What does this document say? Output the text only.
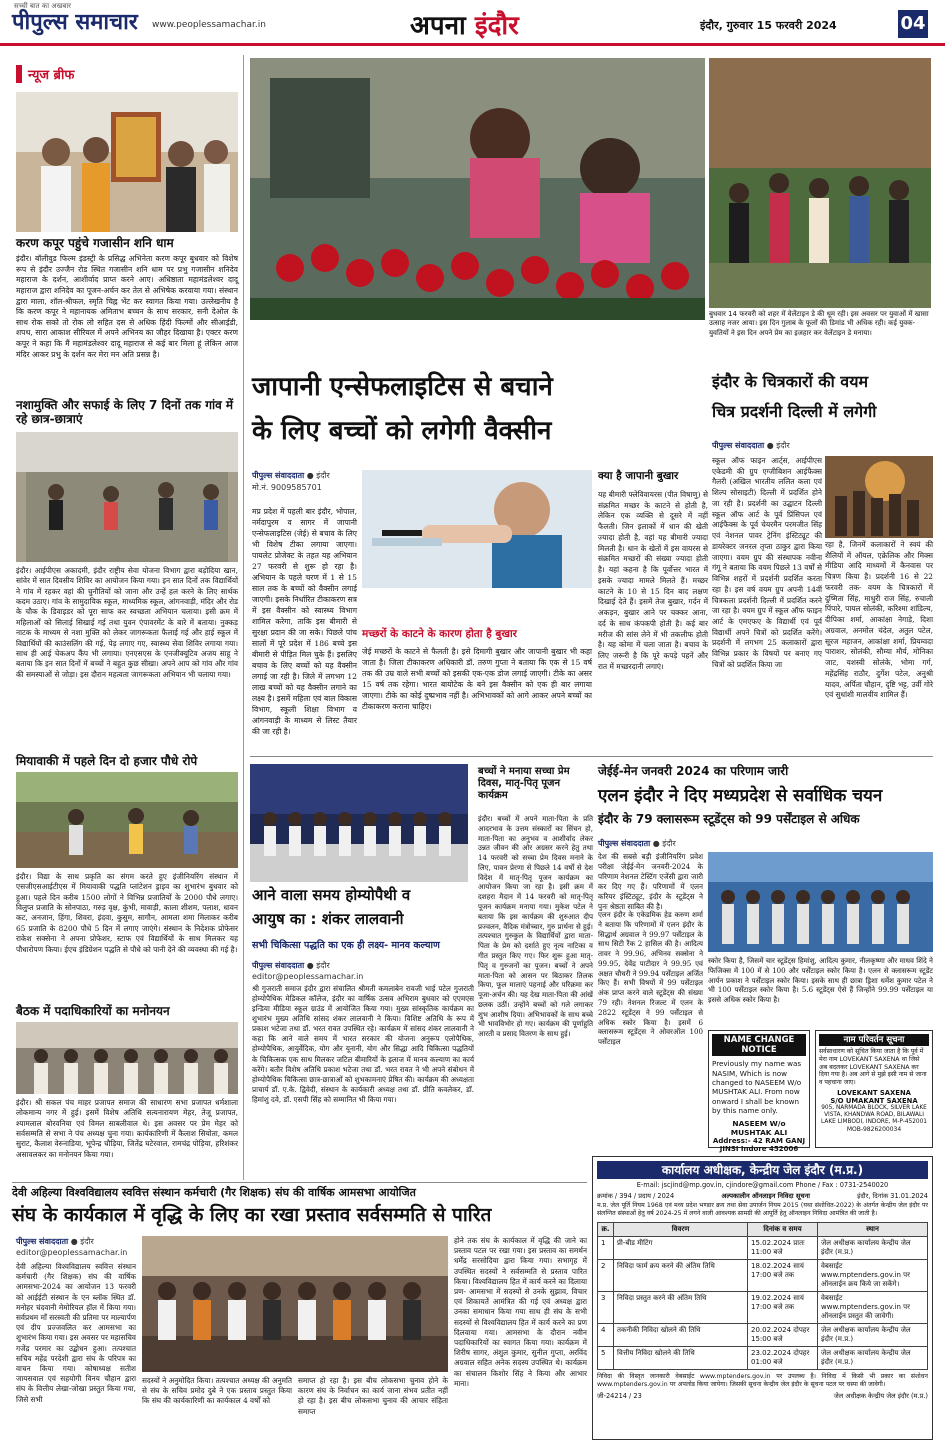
सच्ची बात का अखबार
पीपुल्स समाचार www.peoplessamachar.in	अपना इंदौर	इंदौर, गुरुवार 15 फरवरी 2024	04
न्यूज ब्रीफ
करण कपूर पहुंचे गजासीन शनि धाम
इंदौर। बॉलीवुड फिल्म इंडस्ट्री के प्रसिद्ध अभिनेता करण कपूर बुधवार को विशेष रूप से इंदौर उज्जैन रोड स्थित गजासीन शनि धाम पर प्रभु गजासीन शनिदेव महाराज के दर्शन, आशीर्वाद प्राप्त करने आए। अधिष्ठाता महामंडलेश्वर दादू महाराज द्वारा शनिदेव का पूजन-अर्चन कर तेल से अभिषेक करवाया गया। संस्थान द्वारा माला, शॉल-श्रीफल, स्मृति चिह्न भेंट कर स्वागत किया गया। उल्लेखनीय है कि करण कपूर ने महानायक अमिताभ बच्चन के साथ सरकार, सनी देओल के साथ रोक सको तो रोक लो सहित दस से अधिक हिंदी फिल्मों और सीआईडी, शपथ, सारा आकाश सीरियल में अपने अभिनय का जौहर दिखाया है। एक्टर करण कपूर ने कहा कि मैं महामंडलेश्वर दादू महाराज से कई बार मिला हूं लेकिन आज मंदिर आकर प्रभु के दर्शन कर मेरा मन अति प्रसन्न है।
नशामुक्ति और सफाई के लिए 7 दिनों तक गांव में रहे छात्र-छात्राएं
इंदौर। आईपीएस अकादमी, इंदौर राष्ट्रीय सेवा योजना विभाग द्वारा बड़ोदिया खान, सांवेर में सात दिवसीय शिविर का आयोजन किया गया। इन सात दिनों तक विद्यार्थियों ने गांव में रहकर वहां की चुनौतियों को जाना और उन्हें हल करने के लिए सार्थक कदम उठाए। गांव के सामुदायिक स्कूल, माध्यमिक स्कूल, आंगनवाड़ी, मंदिर और रोड के चौक के डिवाइडर को पूरा साफ कर स्वच्छता अभियान चलाया। इसी क्रम में महिलाओं को सिलाई सिखाई गई तथा युवन एंपावरमेंट के बारे में बताया। नुक्कड़ नाटक के माध्यम से नशा मुक्ति को लेकर जागरूकता फैलाई गई और हाई स्कूल में विद्यार्थियों की काउंसलिंग की गई, पेड़ लगाए गए, स्वास्थ्य सेवा शिविर लगाया गया। साथ ही आई चेकअप कैंप भी लगाया। एनएसएस के एनजीक्यूटिव अजय साहू ने बताया कि इन सात दिनों में बच्चों ने बहुत कुछ सीखा। अपने आप को गांव और गांव की समस्याओं से जोड़ा। इस दौरान महत्वता जागरूकता अभियान भी चलाया गया।
मियावाकी में पहले दिन दो हजार पौधे रोपे
इंदौर। विद्या के साथ प्रकृति का संगम करते हुए इंजीनियरिंग संस्थान में एसजीएसआईटीएस में मियावाकी पद्धति प्लांटेशन ड्राइव का शुभारंभ बुधवार को हुआ। पहले दिन करीब 1500 लोगों ने विभिन्न प्रजातियों के 2000 पौधे लगाए। विलुप्त प्रजाति के सोनपाठा, गरुड़ वृक्ष, कुंभी, मावाड़ी, काला शीशम, पलाश, धावन कट, अनजान, हिंगा, शिवरा, इंदवा, कुसुम, सागौन, आमला शमा मिलाकर करीब 65 प्रजाति के 8200 पौधे 5 दिन में लगाए जाएंगे। संस्थान के निदेशक प्रोफेसर राकेश सक्सेना ने अपना प्रोफेशर, स्टाफ एवं विद्यार्थियों के साथ मिलकर यह पौधारोपण किया। ईएच इंडिग्रेशन पद्धति से पौधे को पानी देने की व्यवस्था की गई है।
बैठक में पदाधिकारियों का मनोनयन
इंदौर। श्री सकल पंच माहर प्रजापत समाज की साधारण सभा प्रजापत धर्मशाला लोकमान्य नगर में हुई। इसमें विशेष अतिथि सत्यनारायण मेहर, तेजू प्रजापत, श्यामलाल बोरवनिया एवं विमल साबलीवाल थे। इस अवसर पर प्रेम मेहर को सर्वसम्मति से सभा ने पंच अध्यक्ष चुना गया। कार्यकारिणी में कैलाश सियोता, कमल सुराट, कैलाश वेरुनाडिया, भूपेन्द्र चौड़िया, जितेंद्र घटेरवाल, रामचंद्र पोड़िया, हरिशंकर असावलकर का मनोनयन किया गया।
बुधवार 14 फरवरी को शहर में वेलेंटाइन डे की धूम रही। इस अवसर पर युवाओं में खासा उत्साह नजर आया। इस दिन गुलाब के फूलों की डिमांड भी अधिक रही। कई युवक-युवतियों ने इस दिन अपने प्रेम का इजहार कर वेलेंटाइन डे मनाया।
जापानी एन्सेफलाइटिस से बचाने
के लिए बच्चों को लगेगी वैक्सीन
पीपुल्स संवाददाता ● इंदौर
मो.नं. 9009585701
मप्र प्रदेश में पहली बार इंदौर, भोपाल, नर्मदापुरम व सागर में जापानी एन्सेफलाइटिस (जेई) से बचाव के लिए भी विशेष टीका लगाया जाएगा। पायलेट प्रोजेक्ट के तहत यह अभियान 27 फरवरी से शुरू हो रहा है। अभियान के पहले चरण में 1 से 15 साल तक के बच्चों को वैक्सीन लगाई जाएगी। इसके निर्धारित टीकाकरण सत्र में इस वैक्सीन को स्वास्थ्य विभाग शामिल करेगा, ताकि इस बीमारी से सुरक्षा प्रदान की जा सके। पिछले पांच सालों में पूरे प्रदेश में 186 बच्चे इस बीमारी से पीड़ित मिल चुके हैं। इसलिए बचाव के लिए बच्चों को यह वैक्सीन लगाई जा रही है। जिले में लगभग 12 लाख बच्चों को यह वैक्सीन लगाने का लक्ष्य है। इसमें महिला एवं बाल विकास विभाग, स्कूली शिक्षा विभाग व आंगनवाड़ी के माध्यम से लिस्ट तैयार की जा रही है।
मच्छरों के काटने के कारण होता है बुखार
जेई मच्छरों के काटने से फैलती है। इसे दिमागी बुखार और जापानी बुखार भी कहा जाता है। जिला टीकाकरण अधिकारी डॉ. तरुण गुप्ता ने बताया कि एक से 15 वर्ष तक की उम्र वाले सभी बच्चों को इसकी एक-एक डोज लगाई जाएगी। टीके का असर 15 वर्ष तक रहेगा। भारत बायोटेक के बने इस वैक्सीन को एक ही बार लगाया जाएगा। टीके का कोई दुष्प्रभाव नहीं है। अभिभावकों को आगे आकर अपने बच्चों का टीकाकरण कराना चाहिए।
क्या है जापानी बुखार
यह बीमारी फ्लेविवायरस (पीत विषाणु) से संक्रमित मच्छर के काटने से होती है, लेकिन एक व्यक्ति से दूसरे में नहीं फैलती। जिन इलाकों में धान की खेती ज्यादा होती है, वहां यह बीमारी ज्यादा मिलती है। धान के खेतों में इस वायरस से संक्रमित मच्छरों की संख्या ज्यादा होती है। यहां कहना है कि पूर्वोत्तर भारत में इसके ज्यादा मामले मिलते हैं। मच्छर काटने के 10 से 15 दिन बाद लक्षण दिखाई देते हैं। इसमें तेज बुखार, गर्दन में अकड़न, बुखार आने पर चक्कर आना, दर्द के साथ कंपकपी होती है। कई बार मरीज की सांस लेने में भी तकलीफ होती है। यह कोमा में चला जाता है। बचाव के लिए जरूरी है कि पूरे कपड़े पहनें और रात में मच्छरदानी लगाएं।
इंदौर के चित्रकारों की वयम
चित्र प्रदर्शनी दिल्ली में लगेगी
पीपुल्स संवाददाता ● इंदौर
स्कूल ऑफ फाइन आर्ट्स, आईपीएस एकेडमी की ग्रुप एग्जीबिशन आईफैक्स गैलरी (अखिल भारतीय ललित कला एवं शिल्प सोसाइटी) दिल्ली में प्रदर्शित होने जा रही है। प्रदर्शनी का उद्घाटन दिल्ली स्कूल ऑफ आर्ट के पूर्व प्रिंसिपल एवं आईफैक्स के पूर्व चेयरमैन परमजीत सिंह एवं नेशनल पावर ट्रेनिंग इंस्टिट्यूट की डायरेक्टर जनरल तृप्ता ठाकुर द्वारा किया जाएगा। वयम ग्रुप की संस्थापक नवीना गंगू ने बताया कि वयम पिछले 13 वर्षों से विभिन्न शहरों में प्रदर्शनी प्रदर्शित करता रहा है। इस वर्ष वयम ग्रुप अपनी 14वीं चित्रकला प्रदर्शनी दिल्ली में प्रदर्शित करने जा रहा है। वयम ग्रुप में स्कूल ऑफ फाइन आर्ट के एमएफए के विद्यार्थी एवं पूर्व विद्यार्थी अपने चित्रों को प्रदर्शित करेंगे। प्रदर्शनी में लगभग 25 कलाकारों द्वारा विभिन्न प्रकार के विषयों पर बनाए गए चित्रों को प्रदर्शित किया जा
रहा है, जिनमें कलाकारों ने स्वयं की शैलियों में ऑयल, एक्रेलिक और मिक्स मीडिया आदि माध्यमों में कैनवास पर चित्रण किया है। प्रदर्शनी 16 से 22 फरवरी तक- वयम के चित्रकारों में दुष्मिता सिंह, माधुरी राज सिंह, रुचाली पिंपारे, पायल सोलंकी, करिश्मा शांडिल्य, दीपिका शर्मा, आकांक्षा नेगाड़े, दिशा अग्रवाल, अनमोल चंदेल, अतुल पटेल, सूरज महाजन, आकांक्षा शर्मा, प्रियम्वदा पाराशर, सोलंकी, सौम्या मौर्य, मोनिका जाट, यशस्वी सोलंके, भोमा गर्ग, महेंद्रसिंह राठौर, दुर्गेश पटेल, अनुश्री यादव, अर्पिता चौहान, दृष्टि भट्ट, उर्वी गोरे एवं सुधांशी मालवीय शामिल हैं।
आने वाला समय होम्योपैथी व
आयुष का : शंकर लालवानी
सभी चिकित्सा पद्धति का एक ही लक्ष्य- मानव कल्याण
पीपुल्स संवाददाता ● इंदौर
editor@peoplessamachar.in
श्री गुजराती समाज इंदौर द्वारा संचालित श्रीमती कमलाबेन रावजी भाई पटेल गुजराती होम्योपैथिक मेडिकल कॉलेज, इंदौर का वार्षिक उत्सव अभिराम बुधवार को एएमएस इन्डिया मीडिया स्कूल ग्राउंड में आयोजित किया गया। मुख्य सांस्कृतिक कार्यक्रम का शुभारंभ मुख्य अतिथि सांसद शंकर लालवानी ने किया। विशिष्ट अतिथि के रूप में प्रकाश भटेजा तथा डॉ. भरत रावत उपस्थित रहे। कार्यक्रम में सांसद शंकर लालवानी ने कहा कि आने वाले समय में भारत सरकार की योजना अनुरूप एलोपैथिक, होम्योपैथिक, आयुर्वेदिक, योग और यूनानी, योग और सिद्धा आदि चिकित्सा पद्धतियों के चिकित्सक एक साथ मिलकर जटिल बीमारियों के इलाज में मानव कल्याण का कार्य करेंगे। बतौर विशेष अतिथि प्रकाश भटेजा तथा डॉ. भरत रावत ने भी अपने संबोधन में होम्योपैथिक चिकित्सा छात्र-छात्राओं को शुभकामनाएं प्रेषित की। कार्यक्रम की अध्यक्षता प्राचार्य डॉ. ए.के. द्विवेदी, संस्थान के कार्यकारी अध्यक्ष तथा डॉ. प्रीति कवलेकर, डॉ. हिमांशु दवे, डॉ. एसपी सिंह को सम्मानित भी किया गया।
बच्चों ने मनाया सच्चा प्रेम दिवस, मातृ-पितृ पूजन कार्यक्रम
इंदौर। बच्चों में अपने माता-पिता के प्रति आदरभाव के उत्तम संस्कारों का सिंचन हो, माता-पिता का अनुभव व आशीर्वाद लेकर उन्नत जीवन की ओर अग्रसर करने हेतु तथा 14 फरवरी को सच्चा प्रेम दिवस मनाने के लिए, पावन प्रेरणा से पिछले 14 वर्षों से देश विदेश में मातृ-पितृ पूजन कार्यक्रम का आयोजन किया जा रहा है। इसी क्रम में दशहरा मैदान में 14 फरवरी को मातृ-पितृ पूजन कार्यक्रम मनाया गया। मुकेश पटेल ने बताया कि इस कार्यक्रम की शुरुआत दीप प्रज्वलन, वैदिक मंत्रोच्चार, गुरु प्रार्थना से हुई। तत्पश्चात गुरुकुल के विद्यार्थियों द्वारा माता-पिता के प्रेम को दर्शाते हुए नृत्य नाटिका व गीत प्रस्तुत किए गए। फिर शुरू हुआ मातृ-पितृ व गुरुजनों का पूजन। बच्चों ने अपने माता-पिता को आसन पर बिठाकर तिलक किया, फूल मालाएं पहनाई और परिक्रमा कर पूजा-अर्चन की। यह देख माता-पिता की आंखें छलक उठीं। उन्होंने बच्चों को गले लगाकर शुभ आशीष दिया। अभिभावकों के साथ बच्चे भी भावविभोर हो गए। कार्यक्रम की पूर्णाहुति आरती व प्रसाद वितरण के साथ हुई।
जेईई-मेन जनवरी 2024 का परिणाम जारी
एलन इंदौर ने दिए मध्यप्रदेश से सर्वाधिक चयन
इंदौर के 79 क्लासरूम स्टूडेंट्स को 99 पर्सेंटाइल से अधिक
पीपुल्स संवाददाता ● इंदौर
देश की सबसे बड़ी इंजीनियरिंग प्रवेश परीक्षा जेईई-मेन जनवरी-2024 के परिणाम नेशनल टेस्टिंग एजेंसी द्वारा जारी कर दिए गए हैं। परिणामों में एलन करियर इंस्टिट्यूट, इंदौर के स्टूडेंट्स ने पुनः श्रेष्ठता साबित की है।
एलन इंदौर के एकेडमिक हेड करुण शर्मा ने बताया कि परिणामों में एलन इंदौर के सिद्धार्थ अग्रवाल ने 99.97 पर्सेंटाइल के साथ सिटी रैंक 2 हासिल की है। आदित्य तावर ने 99.96, अभिनव सक्सेना ने 99.95, देवेंद्र पाटीदार ने 99.95 एवं अक्षत चौधरी ने 99.94 पर्सेंटाइल अर्जित किए हैं। सभी विषयों में 99 पर्सेंटाइल अंक प्राप्त करने वाले स्टूडेंट्स की संख्या 79 रही। नेशनल रिजल्ट में एलन के 2822 स्टूडेंट्स ने 99 पर्सेंटाइल से अधिक स्कोर किया है। इसमें 6 क्लासरूम स्टूडेंट्स ने ओवरऑल 100 पर्सेंटाइल
स्कोर किया है, जिसमें चार स्टूडेंट्स हिमांशु, आदित्य कुमार, नीलकृष्णा और माधव शिंदे ने फिजिक्स में 100 में से 100 और पर्सेंटाइल स्कोर किया है। एलन से क्लासरूम स्टूडेंट आर्यन प्रकाश ने पर्सेंटाइल स्कोर किया। इसके साथ ही छात्रा ड्रिशा धर्मेश कुमार पटेल ने भी 100 पर्सेंटाइल स्कोर किया है। 5.6 स्टूडेंट्स ऐसे हैं जिन्होंने 99.99 पर्सेंटाइल या इससे अधिक स्कोर किया है।
NAME CHANGE NOTICE
Previously my name was NASIM, Which is now changed to NASEEM W/o MUSHTAK ALI. From now onward I shall be known by this name only.
NASEEM W/o
MUSHTAK ALI
Address:- 42 RAM GANJ JINSI Indore 452006
नाम परिवर्तन सूचना
सर्वसाधारण को सूचित किया जाता है कि पूर्व में मेरा नाम LOVEKANT SAXENA था जिसे अब बदलकर LOVEKANT SAXENA कर दिया गया है। अब आगे से मुझे इसी नाम से जाना व पहचाना जाए।
LOVEKANT SAXENA
S/O UMAKANT SAXENA
905, NARMADA BLOCK, SILVER LAKE VISTA, KHANDWA ROAD, BILAWALI LAKE LIMBODI, INDORE, M-P-452001
MOB-9826200034
देवी अहिल्या विश्वविद्यालय स्ववित्त संस्थान कर्मचारी (गैर शिक्षक) संघ की वार्षिक आमसभा आयोजित
संघ के कार्यकाल में वृद्धि के लिए का रखा प्रस्ताव सर्वसम्मति से पारित
पीपुल्स संवाददाता ● इंदौर
editor@peoplessamachar.in
देवी अहिल्या विश्वविद्यालय स्ववित्त संस्थान कर्मचारी (गैर शिक्षक) संघ की वार्षिक आमसभा-2024 का आयोजन 13 फरवरी को आईईटी संस्थान के एन ब्लॉक स्थित डॉ. मनोहर चंदवानी मेमोरियल हॉल में किया गया। सर्वप्रथम माँ सरस्वती की प्रतिमा पर माल्यार्पण एवं दीप प्रज्जवलित कर आमसभा का शुभारंभ किया गया। इस अवसर पर महासचिव गजेंद्र परमार का उद्बोधन हुआ। तत्पश्चात सचिव महेंद्र परदेशी द्वारा संघ के परिपत्र का वाचन किया गया। कोषाध्यक्ष सतीश जायसवाल एवं सहयोगी विनय चौहान द्वारा संघ के वित्तीय लेखा-जोखा प्रस्तुत किया गया, जिसे सभी
सदस्यों ने अनुमोदित किया। तत्पश्चात अध्यक्ष की अनुमति से संघ के सचिव प्रमोद दुबे ने एक प्रस्ताव प्रस्तुत किया कि संघ की कार्यकारिणी का कार्यकाल 4 वर्षों को
समाप्त हो रहा है। इस बीच लोकसभा चुनाव होने के कारण संघ के निर्वाचन का कार्य जाना संभव प्रतीत नहीं हो रहा है। इस बीच लोकसभा चुनाव की आचार संहिता समाप्त
होने तक संघ के कार्यकाल में वृद्धि की जाने का प्रस्ताव पटल पर रखा गया। इस प्रस्ताव का समर्थन धर्मेंद्र सरसोदिया द्वारा किया गया। सभागृह में उपस्थित सदस्यों ने सर्वसम्मति से प्रस्ताव पारित किया। विश्वविद्यालय हित में कार्य करने का दिलाया प्रण- आमसभा में सदस्यों से उनके सुझाव, विचार एवं शिकायतें आमंत्रित की गई एवं अध्यक्ष द्वारा उनका समाधान किया गया साथ ही संघ के सभी सदस्यों से विश्वविद्यालय हित में कार्य करने का प्रण दिलवाया गया। आमसभा के दौरान नवीन पदाधिकारियों का स्वागत किया गया। कार्यक्रम में शिरीष सागर, अंशुल कुमार, सुनील गुप्ता, अरविंद अग्रवाल सहित अनेक सदस्य उपस्थित थे। कार्यक्रम का संचालन किशोर सिंह ने किया और आभार माना।
कार्यालय अधीक्षक, केन्द्रीय जेल इंदौर (म.प्र.)
E-mail: jscjind@mp.gov.in, cjindore@gmail.com Phone / Fax : 0731-2540020
क्रमांक / 394 / प्रदाय / 2024	अल्पकालीन ऑनलाइन निविदा सूचना	इंदौर, दिनांक 31.01.2024
म.प्र. जेल पूर्ति नियम 1968 एवं मध्य प्रदेश भण्डार क्रय तथा सेवा उपार्जन नियम 2015 (यथा संशोधित-2022) के अंतर्गत केन्द्रीय जेल इंदौर पर संलग्नित संस्थाओं हेतु वर्ष 2024-25 में लगने वाली आवश्यक सामग्री की आपूर्ति हेतु ऑनलाइन निविदा आमंत्रित की जाती है।
क्र.	विवरण	दिनांक व समय	स्थान
1	प्री-बीड मीटिंग	15.02.2024 प्रातः 11:00 बजे	जेल अधीक्षक कार्यालय केन्द्रीय जेल इंदौर (म.प्र.)
2	निविदा फार्म क्रय करने की अंतिम तिथि	18.02.2024 सायं 17:00 बजे तक	वेबसाईट www.mptenders.gov.in पर ऑनलाईन क्रय किये जा सकेंगे।
3	निविदा प्रस्तुत करने की अंतिम तिथि	19.02.2024 सायं 17:00 बजे तक	वेबसाईट www.mptenders.gov.in पर ऑनलाईन प्रस्तुत की जावेगी।
4	तकनीकी निविदा खोलने की तिथि	20.02.2024 दोपहर 15:00 बजे	जेल अधीक्षक कार्यालय केन्द्रीय जेल इंदौर (म.प्र.)
5	वित्तीय निविदा खोलने की तिथि	23.02.2024 दोपहर 01:00 बजे	जेल अधीक्षक कार्यालय केन्द्रीय जेल इंदौर (म.प्र.)
निविदा की विस्तृत जानकारी वेबसाईट www.mptenders.gov.in पर उपलब्ध है। निविदा में किसी भी प्रकार का संशोधन www.mptenders.gov.in पर अपलोड किया जायेगा। जिसकी सूचना केन्द्रीय जेल इंदौर के सूचना पटल पर चस्पा की जावेगी।
जी-24214 / 23	जेल अधीक्षक केन्द्रीय जेल इंदौर (म.प्र.)
